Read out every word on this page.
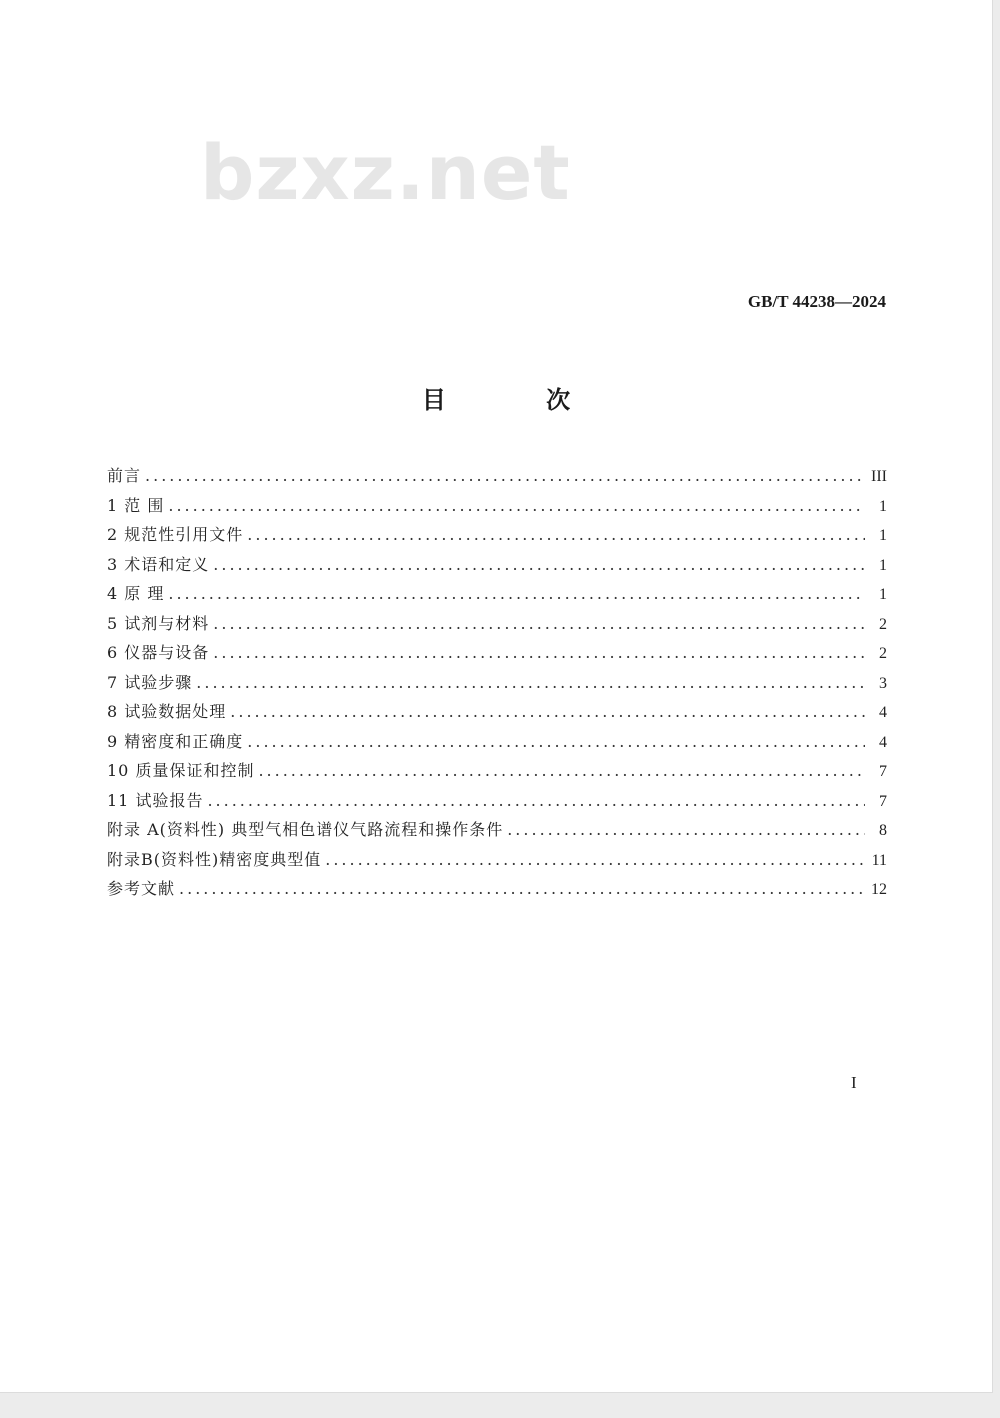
bzxz.net
GB/T 44238—2024
目 次
前言 .....	III
1 范 围 .....	1
2 规范性引用文件 .....	1
3 术语和定义 .....	1
4 原 理 .....	1
5 试剂与材料 .....	2
6 仪器与设备 .....	2
7 试验步骤 .....	3
8 试验数据处理 .....	4
9 精密度和正确度 .....	4
10 质量保证和控制 .....	7
11 试验报告 .....	7
附录 A(资料性) 典型气相色谱仪气路流程和操作条件 .....	8
附录B(资料性)精密度典型值 .....	11
参考文献 .....	12
I
